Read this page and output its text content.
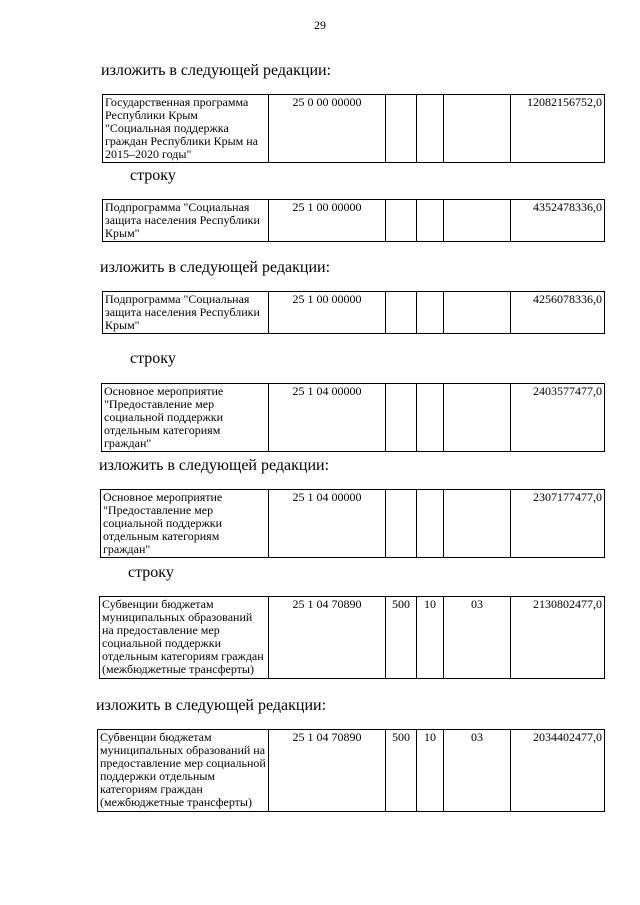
29
изложить в следующей редакции:
Государственная программа Республики Крым "Социальная поддержка граждан Республики Крым на 2015–2020 годы"	25 0 00 00000				12082156752,0
строку
Подпрограмма "Социальная защита населения Республики Крым"	25 1 00 00000				4352478336,0
изложить в следующей редакции:
Подпрограмма "Социальная защита населения Республики Крым"	25 1 00 00000				4256078336,0
строку
Основное мероприятие "Предоставление мер социальной поддержки отдельным категориям граждан"	25 1 04 00000				2403577477,0
изложить в следующей редакции:
Основное мероприятие "Предоставление мер социальной поддержки отдельным категориям граждан"	25 1 04 00000				2307177477,0
строку
Субвенции бюджетам муниципальных образований на предоставление мер социальной поддержки отдельным категориям граждан (межбюджетные трансферты)	25 1 04 70890	500	10	03	2130802477,0
изложить в следующей редакции:
Субвенции бюджетам муниципальных образований на предоставление мер социальной поддержки отдельным категориям граждан (межбюджетные трансферты)	25 1 04 70890	500	10	03	2034402477,0
